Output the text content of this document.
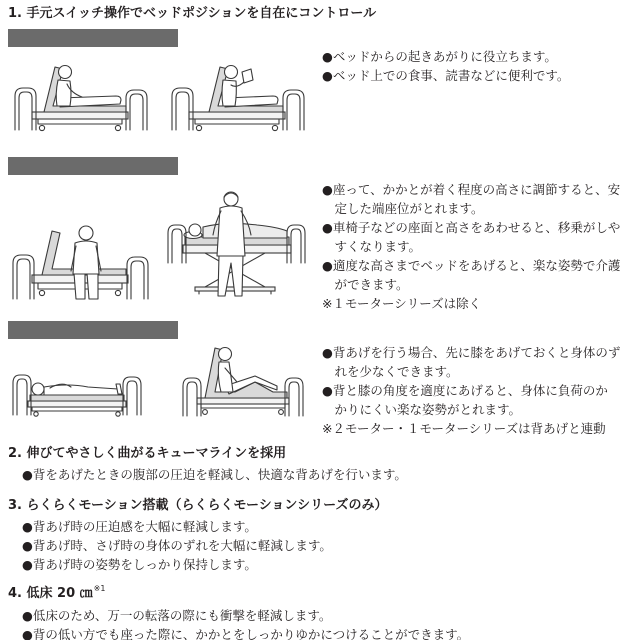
1. 手元スイッチ操作でベッドポジションを自在にコントロール

背 あ げ
	●ベッドからの起きあがりに役立ちます。
●ベッド上での食事、読書などに便利です。

高 さ 調 節
	●座って、かかとが着く程度の高さに調節すると、安
定した端座位がとれます。
●車椅子などの座面と高さをあわせると、移乗がしや
すくなります。
●適度な高さまでベッドをあげると、楽な姿勢で介護
ができます。
※１モーターシリーズは除く

膝 あ げ
	●背あげを行う場合、先に膝をあげておくと身体のず
れを少なくできます。
●背と膝の角度を適度にあげると、身体に負荷のか
かりにくい楽な姿勢がとれます。
※２モーター・１モーターシリーズは背あげと連動
2. 伸びてやさしく曲がるキューマラインを採用
●背をあげたときの腹部の圧迫を軽減し、快適な背あげを行います。
3. らくらくモーション搭載（らくらくモーションシリーズのみ）
●背あげ時の圧迫感を大幅に軽減します。
●背あげ時、さげ時の身体のずれを大幅に軽減します。
●背あげ時の姿勢をしっかり保持します。
4. 低床 20 ㎝$^{※1}$
●低床のため、万一の転落の際にも衝撃を軽減します。
●背の低い方でも座った際に、かかとをしっかりゆかにつけることができます。
